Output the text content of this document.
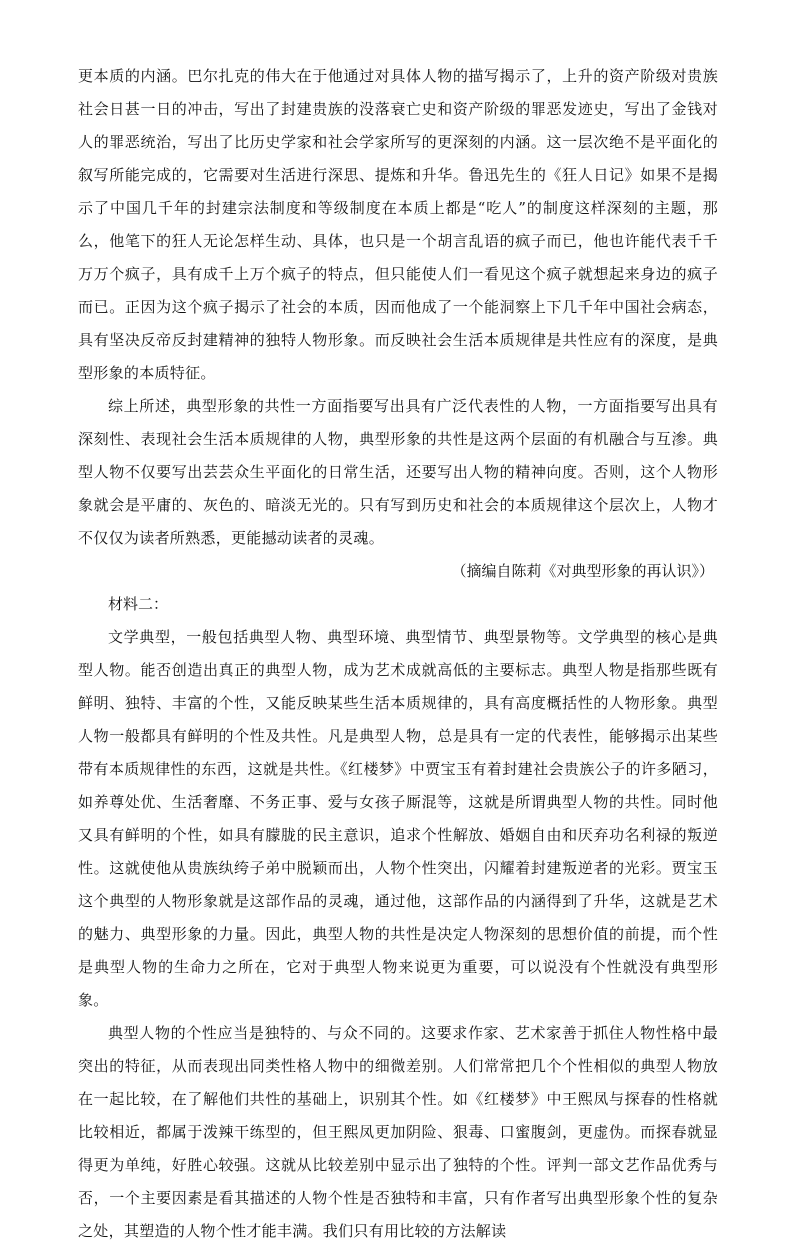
更本质的内涵。巴尔扎克的伟大在于他通过对具体人物的描写揭示了，上升的资产阶级对贵族社会日甚一日的冲击，写出了封建贵族的没落衰亡史和资产阶级的罪恶发迹史，写出了金钱对人的罪恶统治，写出了比历史学家和社会学家所写的更深刻的内涵。这一层次绝不是平面化的叙写所能完成的，它需要对生活进行深思、提炼和升华。鲁迅先生的《狂人日记》如果不是揭示了中国几千年的封建宗法制度和等级制度在本质上都是“吃人”的制度这样深刻的主题，那么，他笔下的狂人无论怎样生动、具体，也只是一个胡言乱语的疯子而已，他也许能代表千千万万个疯子，具有成千上万个疯子的特点，但只能使人们一看见这个疯子就想起来身边的疯子而已。正因为这个疯子揭示了社会的本质，因而他成了一个能洞察上下几千年中国社会病态，具有坚决反帝反封建精神的独特人物形象。而反映社会生活本质规律是共性应有的深度，是典型形象的本质特征。

综上所述，典型形象的共性一方面指要写出具有广泛代表性的人物，一方面指要写出具有深刻性、表现社会生活本质规律的人物，典型形象的共性是这两个层面的有机融合与互渗。典型人物不仅要写出芸芸众生平面化的日常生活，还要写出人物的精神向度。否则，这个人物形象就会是平庸的、灰色的、暗淡无光的。只有写到历史和社会的本质规律这个层次上，人物才不仅仅为读者所熟悉，更能撼动读者的灵魂。

（摘编自陈莉《对典型形象的再认识》）

材料二：

文学典型，一般包括典型人物、典型环境、典型情节、典型景物等。文学典型的核心是典型人物。能否创造出真正的典型人物，成为艺术成就高低的主要标志。典型人物是指那些既有鲜明、独特、丰富的个性，又能反映某些生活本质规律的，具有高度概括性的人物形象。典型人物一般都具有鲜明的个性及共性。凡是典型人物，总是具有一定的代表性，能够揭示出某些带有本质规律性的东西，这就是共性。《红楼梦》中贾宝玉有着封建社会贵族公子的许多陋习，如养尊处优、生活奢靡、不务正事、爱与女孩子厮混等，这就是所谓典型人物的共性。同时他又具有鲜明的个性，如具有朦胧的民主意识，追求个性解放、婚姻自由和厌弃功名利禄的叛逆性。这就使他从贵族纨绔子弟中脱颖而出，人物个性突出，闪耀着封建叛逆者的光彩。贾宝玉这个典型的人物形象就是这部作品的灵魂，通过他，这部作品的内涵得到了升华，这就是艺术的魅力、典型形象的力量。因此，典型人物的共性是决定人物深刻的思想价值的前提，而个性是典型人物的生命力之所在，它对于典型人物来说更为重要，可以说没有个性就没有典型形象。

典型人物的个性应当是独特的、与众不同的。这要求作家、艺术家善于抓住人物性格中最突出的特征，从而表现出同类性格人物中的细微差别。人们常常把几个个性相似的典型人物放在一起比较，在了解他们共性的基础上，识别其个性。如《红楼梦》中王熙凤与探春的性格就比较相近，都属于泼辣干练型的，但王熙凤更加阴险、狠毒、口蜜腹剑，更虚伪。而探春就显得更为单纯，好胜心较强。这就从比较差别中显示出了独特的个性。评判一部文艺作品优秀与否，一个主要因素是看其描述的人物个性是否独特和丰富，只有作者写出典型形象个性的复杂之处，其塑造的人物个性才能丰满。我们只有用比较的方法解读
